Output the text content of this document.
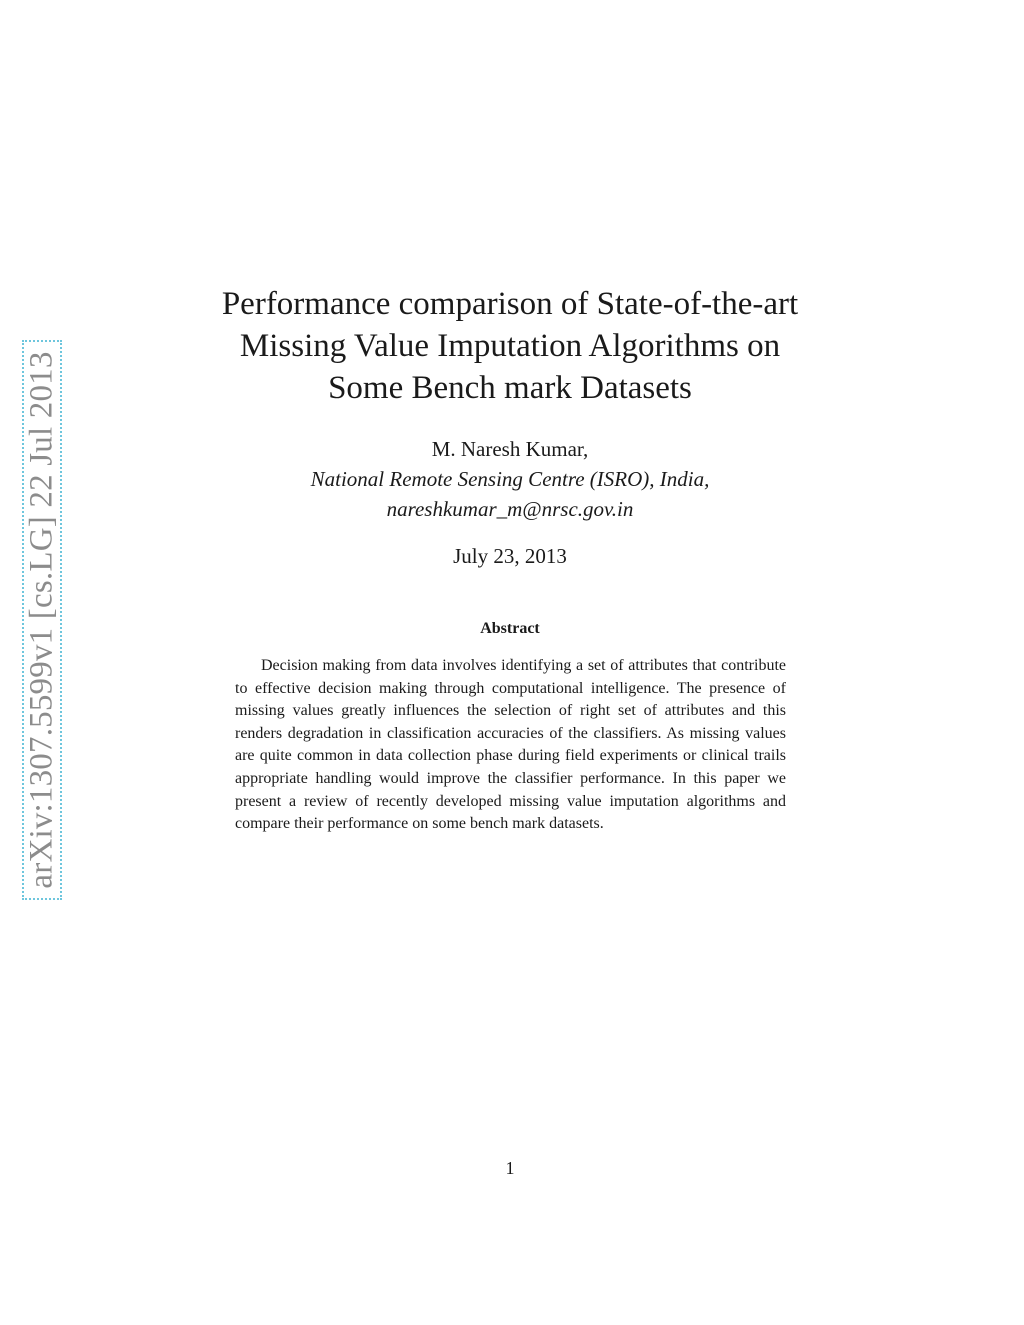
arXiv:1307.5599v1 [cs.LG] 22 Jul 2013
Performance comparison of State-of-the-art
Missing Value Imputation Algorithms on
Some Bench mark Datasets
M. Naresh Kumar,
National Remote Sensing Centre (ISRO), India,
nareshkumar_m@nrsc.gov.in
July 23, 2013
Abstract
Decision making from data involves identifying a set of attributes that contribute to effective decision making through computational intelligence. The presence of missing values greatly influences the selection of right set of attributes and this renders degradation in classification accuracies of the classifiers. As missing values are quite common in data collection phase during field experiments or clinical trails appropriate handling would improve the classifier performance. In this paper we present a review of recently developed missing value imputation algorithms and compare their performance on some bench mark datasets.
1
